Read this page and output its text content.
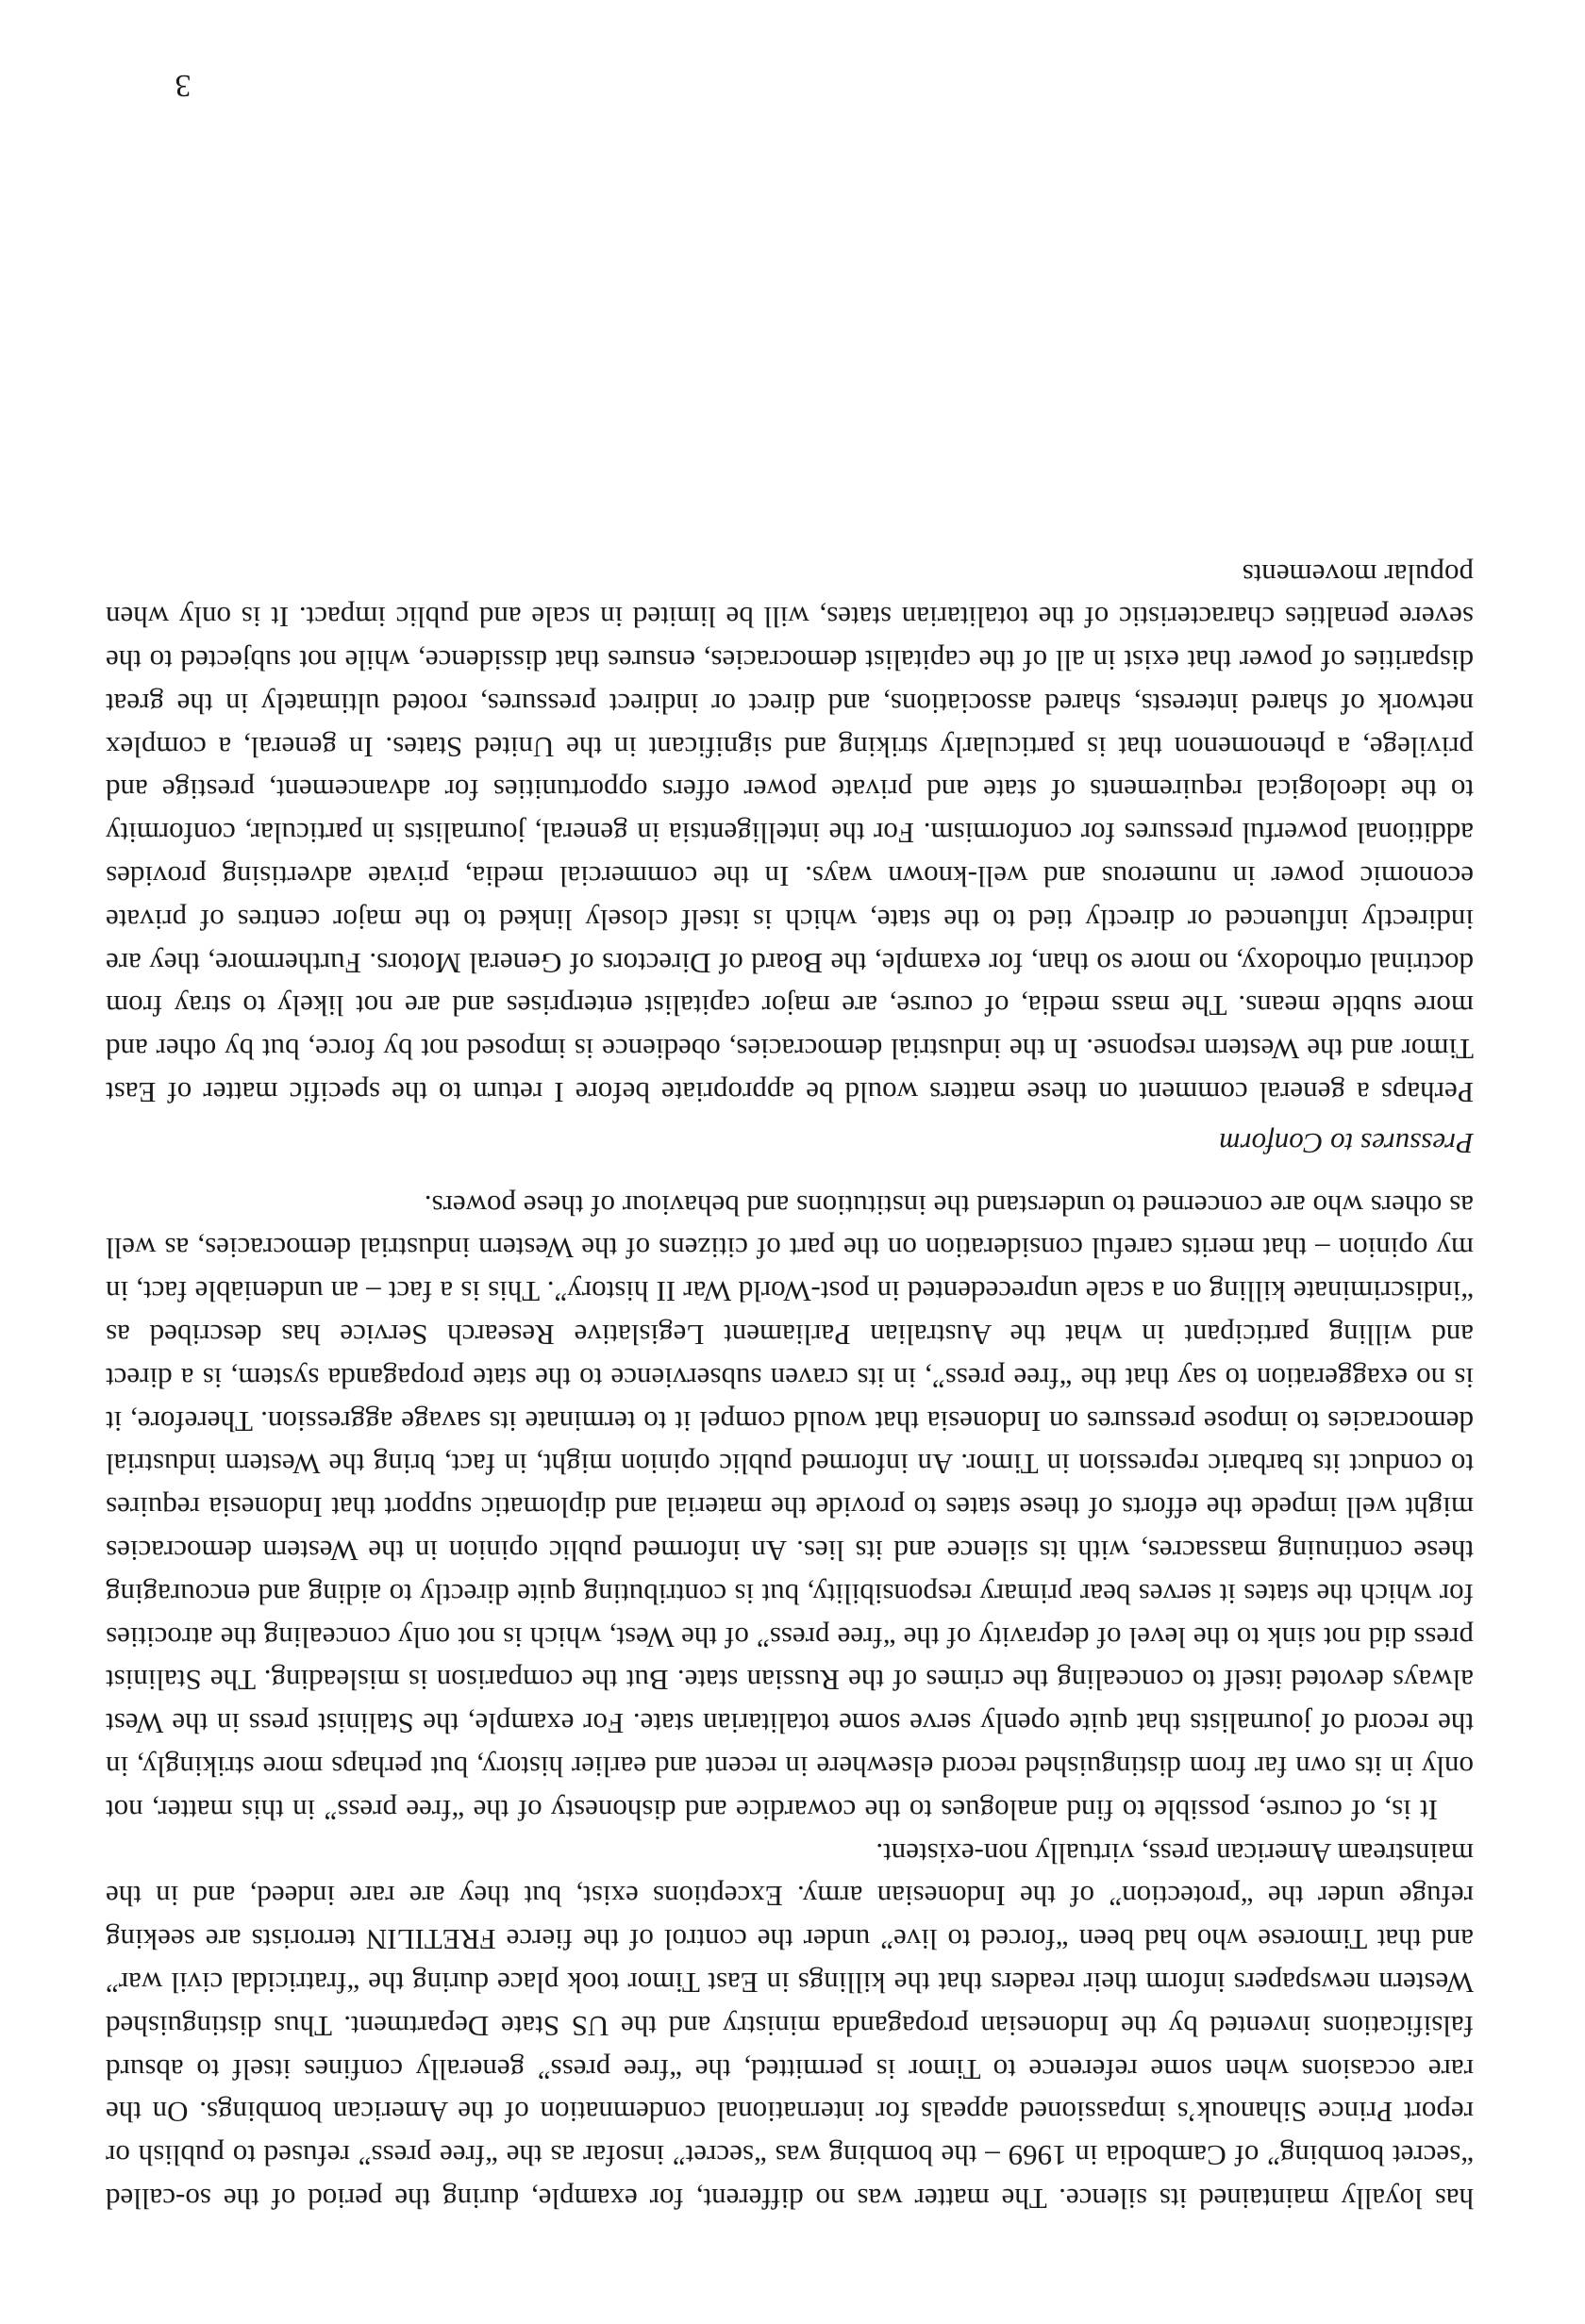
has loyally maintained its silence. The matter was no different, for example, during the period of the so-called “secret bombing” of Cambodia in 1969 – the bombing was “secret” insofar as the “free press” refused to publish or report Prince Sihanouk’s impassioned appeals for international condemnation of the American bombings. On the rare occasions when some reference to Timor is permitted, the “free press” generally confines itself to absurd falsifications invented by the Indonesian propaganda ministry and the US State Department. Thus distinguished Western newspapers inform their readers that the killings in East Timor took place during the “fratricidal civil war” and that Timorese who had been “forced to live” under the control of the fierce FRETILIN terrorists are seeking refuge under the “protection” of the Indonesian army. Exceptions exist, but they are rare indeed, and in the mainstream American press, virtually non-existent.

It is, of course, possible to find analogues to the cowardice and dishonesty of the “free press” in this matter, not only in its own far from distinguished record elsewhere in recent and earlier history, but perhaps more strikingly, in the record of journalists that quite openly serve some totalitarian state. For example, the Stalinist press in the West always devoted itself to concealing the crimes of the Russian state. But the comparison is misleading. The Stalinist press did not sink to the level of depravity of the “free press” of the West, which is not only concealing the atrocities for which the states it serves bear primary responsibility, but is contributing quite directly to aiding and encouraging these continuing massacres, with its silence and its lies. An informed public opinion in the Western democracies might well impede the efforts of these states to provide the material and diplomatic support that Indonesia requires to conduct its barbaric repression in Timor. An informed public opinion might, in fact, bring the Western industrial democracies to impose pressures on Indonesia that would compel it to terminate its savage aggression. Therefore, it is no exaggeration to say that the “free press”, in its craven subservience to the state propaganda system, is a direct and willing participant in what the Australian Parliament Legislative Research Service has described as “indiscriminate killing on a scale unprecedented in post-World War II history”. This is a fact – an undeniable fact, in my opinion – that merits careful consideration on the part of citizens of the Western industrial democracies, as well as others who are concerned to understand the institutions and behaviour of these powers.

Pressures to Conform

Perhaps a general comment on these matters would be appropriate before I return to the specific matter of East Timor and the Western response. In the industrial democracies, obedience is imposed not by force, but by other and more subtle means. The mass media, of course, are major capitalist enterprises and are not likely to stray from doctrinal orthodoxy, no more so than, for example, the Board of Directors of General Motors. Furthermore, they are indirectly influenced or directly tied to the state, which is itself closely linked to the major centres of private economic power in numerous and well-known ways. In the commercial media, private advertising provides additional powerful pressures for conformism. For the intelligentsia in general, journalists in particular, conformity to the ideological requirements of state and private power offers opportunities for advancement, prestige and privilege, a phenomenon that is particularly striking and significant in the United States. In general, a complex network of shared interests, shared associations, and direct or indirect pressures, rooted ultimately in the great disparities of power that exist in all of the capitalist democracies, ensures that dissidence, while not subjected to the severe penalties characteristic of the totalitarian states, will be limited in scale and public impact. It is only when popular movements

3
